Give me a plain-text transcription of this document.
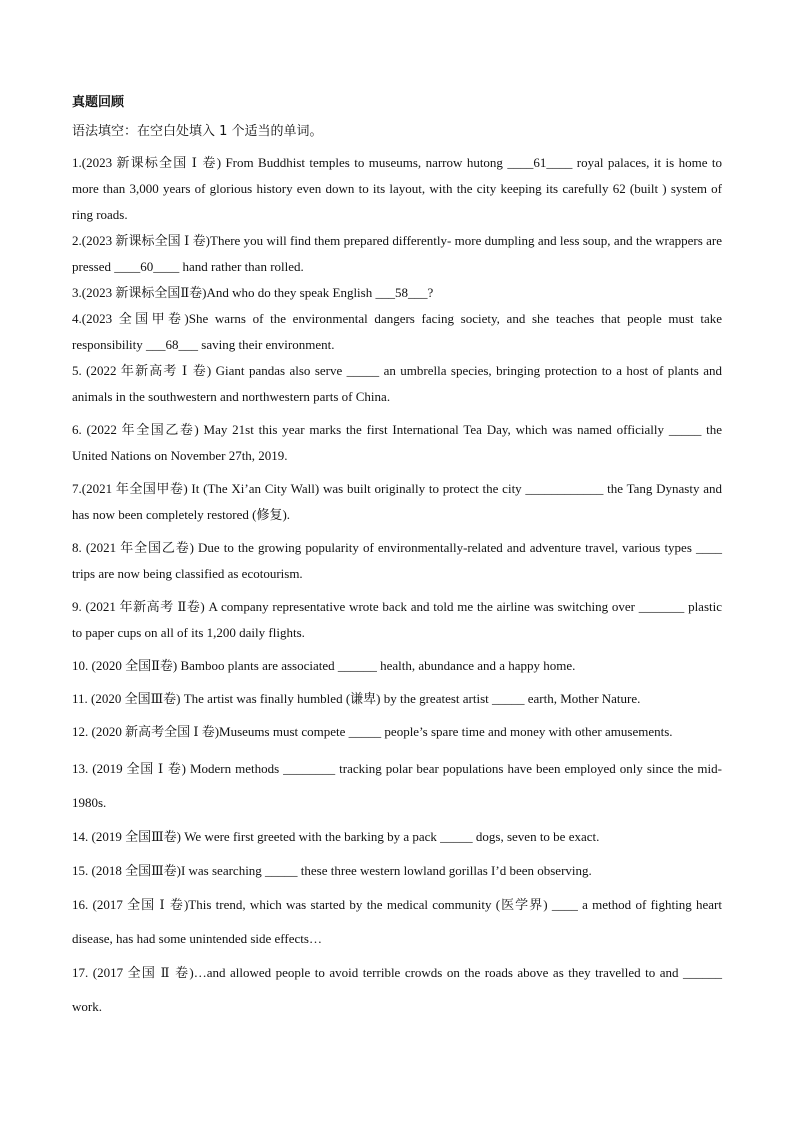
真题回顾

语法填空：在空白处填入 1 个适当的单词。

1.(2023 新课标全国 Ⅰ 卷) From Buddhist temples to museums, narrow hutong ____61____ royal palaces, it is home to more than 3,000 years of glorious history even down to its layout, with the city keeping its carefully 62 (built ) system of ring roads.

2.(2023 新课标全国 Ⅰ 卷)There you will find them prepared differently- more dumpling and less soup, and the wrappers are pressed ____60____ hand rather than rolled.

3.(2023 新课标全国Ⅱ卷)And who do they speak English ___58___?

4.(2023 全国甲卷)She warns of the environmental dangers facing society, and she teaches that people must take responsibility ___68___ saving their environment.

5. (2022 年新高考 Ⅰ 卷) Giant pandas also serve _____ an umbrella species, bringing protection to a host of plants and animals in the southwestern and northwestern parts of China.

6. (2022 年全国乙卷) May 21st this year marks the first International Tea Day, which was named officially _____ the United Nations on November 27th, 2019.

7.(2021 年全国甲卷) It (The Xi’an City Wall) was built originally to protect the city ____________ the Tang Dynasty and has now been completely restored (修复).

8. (2021 年全国乙卷) Due to the growing popularity of environmentally-related and adventure travel, various types ____ trips are now being classified as ecotourism.

9. (2021 年新高考 Ⅱ卷) A company representative wrote back and told me the airline was switching over _______ plastic to paper cups on all of its 1,200 daily flights.

10. (2020 全国Ⅱ卷) Bamboo plants are associated ______ health, abundance and a happy home.

11. (2020 全国Ⅲ卷) The artist was finally humbled (谦卑) by the greatest artist _____ earth, Mother Nature.

12. (2020 新高考全国 Ⅰ 卷)Museums must compete _____ people’s spare time and money with other amusements.

13. (2019 全国 Ⅰ 卷) Modern methods ________ tracking polar bear populations have been employed only since the mid-1980s.

14. (2019 全国Ⅲ卷) We were first greeted with the barking by a pack _____ dogs, seven to be exact.

15. (2018 全国Ⅲ卷)I was searching _____ these three western lowland gorillas I’d been observing.

16. (2017 全国 Ⅰ 卷)This trend, which was started by the medical community (医学界) ____ a method of fighting heart disease, has had some unintended side effects…

17. (2017 全国 Ⅱ 卷)…and allowed people to avoid terrible crowds on the roads above as they travelled to and ______ work.
